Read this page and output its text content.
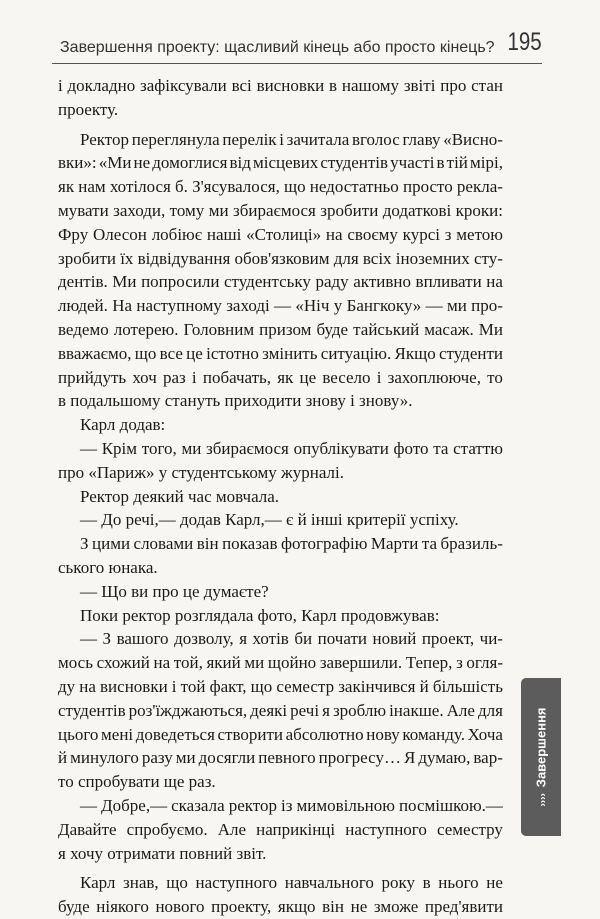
Завершення проекту: щасливий кінець або просто кінець? 195
і докладно зафіксували всі висновки в нашому звіті про стан
проекту.
Ректор переглянула перелік і зачитала вголос главу «Висно-
вки»: «Ми не домоглися від місцевих студентів участі в тій мірі,
як нам хотілося б. З'ясувалося, що недостатньо просто рекла-
мувати заходи, тому ми збираємося зробити додаткові кроки:
Фру Олесон лобіює наші «Столиці» на своєму курсі з метою
зробити їх відвідування обов'язковим для всіх іноземних сту-
дентів. Ми попросили студентську раду активно впливати на
людей. На наступному заході — «Ніч у Бангкоку» — ми про-
ведемо лотерею. Головним призом буде тайський масаж. Ми
вважаємо, що все це істотно змінить ситуацію. Якщо студенти
прийдуть хоч раз і побачать, як це весело і захоплююче, то
в подальшому стануть приходити знову і знову».
Карл додав:
— Крім того, ми збираємося опублікувати фото та статтю
про «Париж» у студентському журналі.
Ректор деякий час мовчала.
— До речі,— додав Карл,— є й інші критерії успіху.
З цими словами він показав фотографію Марти та бразиль-
ського юнака.
— Що ви про це думаєте?
Поки ректор розглядала фото, Карл продовжував:
— З вашого дозволу, я хотів би почати новий проект, чи-
мось схожий на той, який ми щойно завершили. Тепер, з огля-
ду на висновки і той факт, що семестр закінчився й більшість
студентів роз'їжджаються, деякі речі я зроблю інакше. Але для
цього мені доведеться створити абсолютно нову команду. Хоча
й минулого разу ми досягли певного прогресу… Я думаю, вар-
то спробувати ще раз.
— Добре,— сказала ректор із мимовільною посмішкою.—
Давайте спробуємо. Але наприкінці наступного семестру
я хочу отримати повний звіт.
Карл знав, що наступного навчального року в нього не
буде ніякого нового проекту, якщо він не зможе пред'явити
››››Завершення
